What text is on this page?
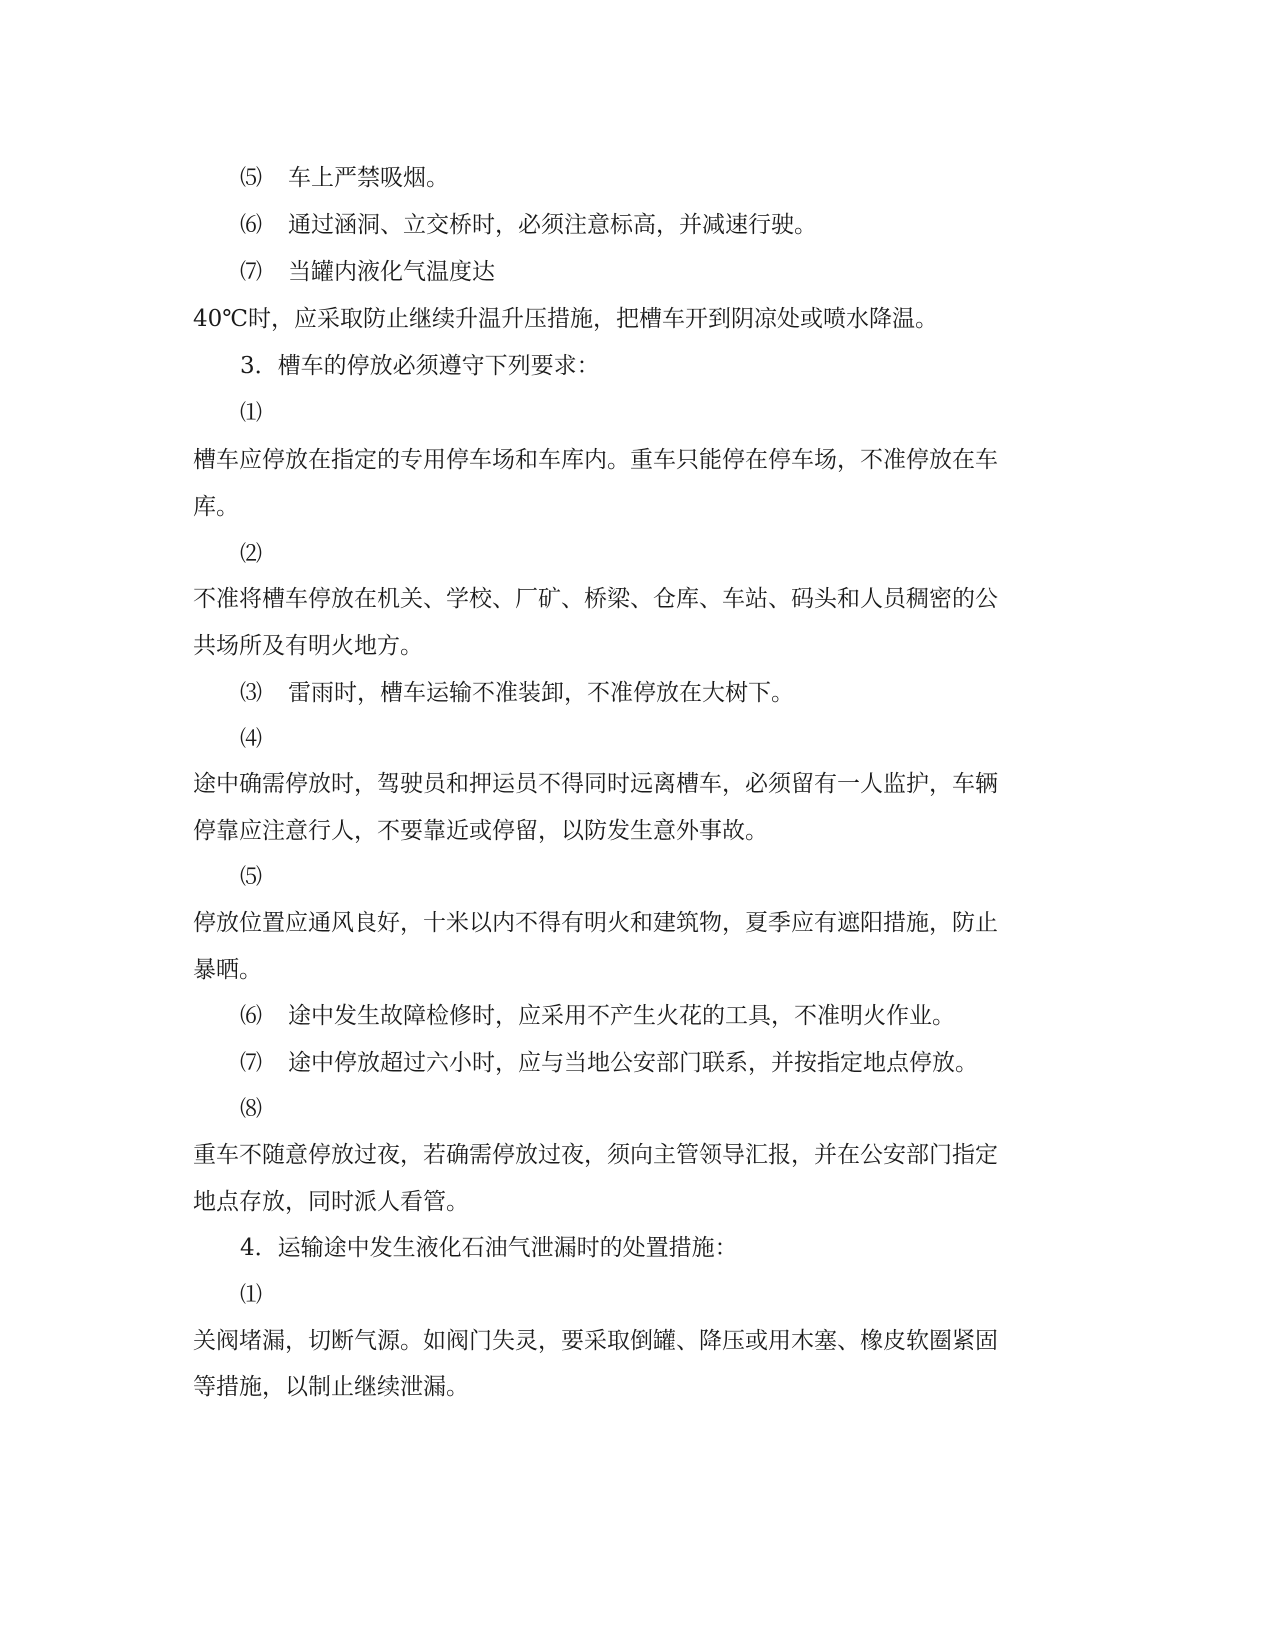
⑸ 车上严禁吸烟。
⑹ 通过涵洞、立交桥时，必须注意标高，并减速行驶。
⑺ 当罐内液化气温度达
40℃时，应采取防止继续升温升压措施，把槽车开到阴凉处或喷水降温。
3．槽车的停放必须遵守下列要求：
⑴
槽车应停放在指定的专用停车场和车库内。重车只能停在停车场，不准停放在车
库。
⑵
不准将槽车停放在机关、学校、厂矿、桥梁、仓库、车站、码头和人员稠密的公
共场所及有明火地方。
⑶ 雷雨时，槽车运输不准装卸，不准停放在大树下。
⑷
途中确需停放时，驾驶员和押运员不得同时远离槽车，必须留有一人监护，车辆
停靠应注意行人，不要靠近或停留，以防发生意外事故。
⑸
停放位置应通风良好，十米以内不得有明火和建筑物，夏季应有遮阳措施，防止
暴晒。
⑹ 途中发生故障检修时，应采用不产生火花的工具，不准明火作业。
⑺ 途中停放超过六小时，应与当地公安部门联系，并按指定地点停放。
⑻
重车不随意停放过夜，若确需停放过夜，须向主管领导汇报，并在公安部门指定
地点存放，同时派人看管。
4．运输途中发生液化石油气泄漏时的处置措施：
⑴
关阀堵漏，切断气源。如阀门失灵，要采取倒罐、降压或用木塞、橡皮软圈紧固
等措施，以制止继续泄漏。
